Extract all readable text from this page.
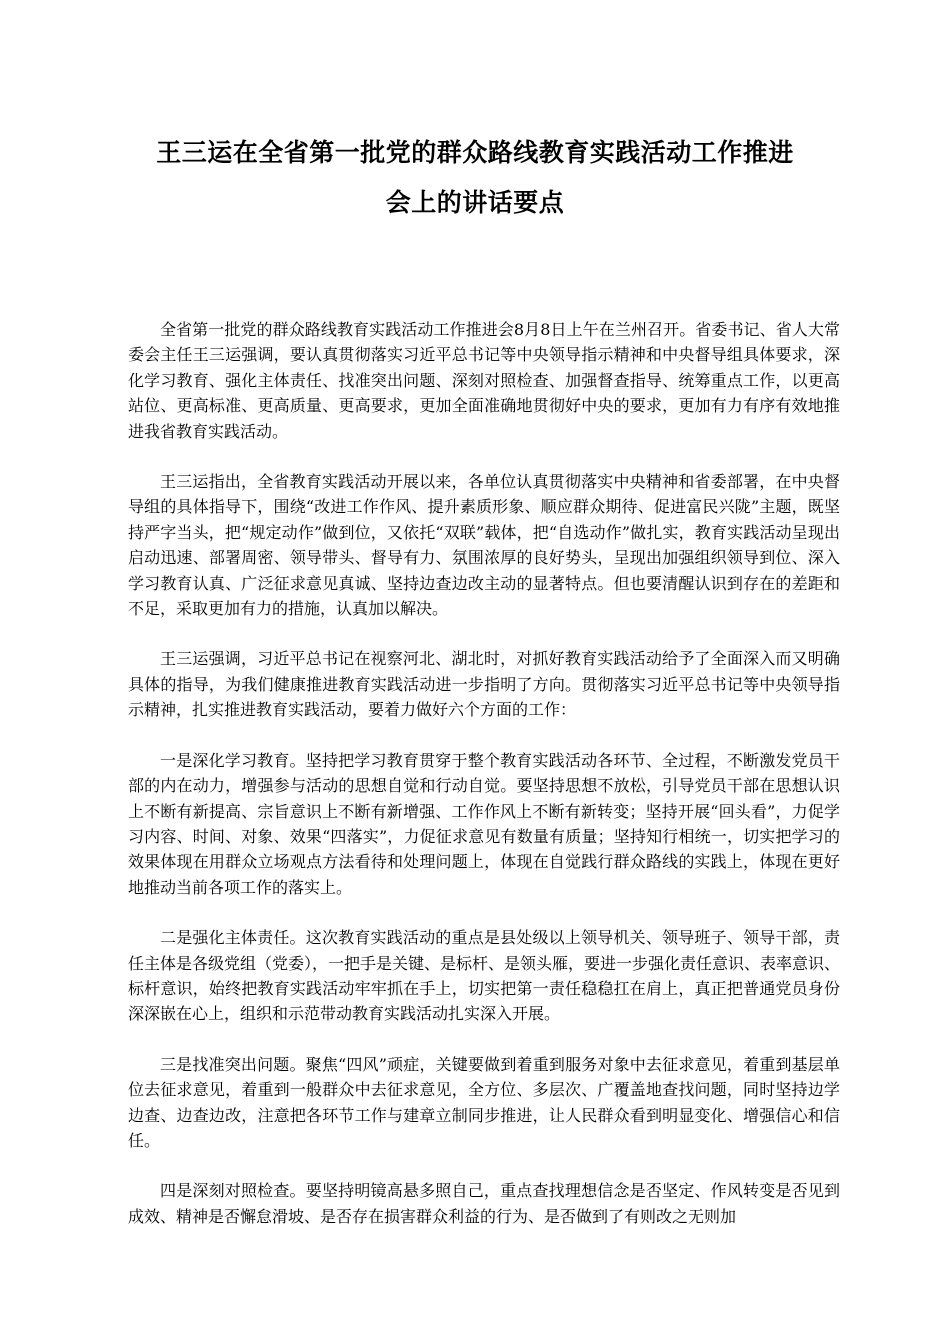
王三运在全省第一批党的群众路线教育实践活动工作推进
会上的讲话要点

全省第一批党的群众路线教育实践活动工作推进会8月8日上午在兰州召开。省委书记、省人大常委会主任王三运强调，要认真贯彻落实习近平总书记等中央领导指示精神和中央督导组具体要求，深化学习教育、强化主体责任、找准突出问题、深刻对照检查、加强督查指导、统筹重点工作，以更高站位、更高标准、更高质量、更高要求，更加全面准确地贯彻好中央的要求，更加有力有序有效地推进我省教育实践活动。

王三运指出，全省教育实践活动开展以来，各单位认真贯彻落实中央精神和省委部署，在中央督导组的具体指导下，围绕“改进工作作风、提升素质形象、顺应群众期待、促进富民兴陇”主题，既坚持严字当头，把“规定动作”做到位，又依托“双联”载体，把“自选动作”做扎实，教育实践活动呈现出启动迅速、部署周密、领导带头、督导有力、氛围浓厚的良好势头，呈现出加强组织领导到位、深入学习教育认真、广泛征求意见真诚、坚持边查边改主动的显著特点。但也要清醒认识到存在的差距和不足，采取更加有力的措施，认真加以解决。

王三运强调，习近平总书记在视察河北、湖北时，对抓好教育实践活动给予了全面深入而又明确具体的指导，为我们健康推进教育实践活动进一步指明了方向。贯彻落实习近平总书记等中央领导指示精神，扎实推进教育实践活动，要着力做好六个方面的工作：

一是深化学习教育。坚持把学习教育贯穿于整个教育实践活动各环节、全过程，不断激发党员干部的内在动力，增强参与活动的思想自觉和行动自觉。要坚持思想不放松，引导党员干部在思想认识上不断有新提高、宗旨意识上不断有新增强、工作作风上不断有新转变；坚持开展“回头看”，力促学习内容、时间、对象、效果“四落实”，力促征求意见有数量有质量；坚持知行相统一，切实把学习的效果体现在用群众立场观点方法看待和处理问题上，体现在自觉践行群众路线的实践上，体现在更好地推动当前各项工作的落实上。

二是强化主体责任。这次教育实践活动的重点是县处级以上领导机关、领导班子、领导干部，责任主体是各级党组（党委），一把手是关键、是标杆、是领头雁，要进一步强化责任意识、表率意识、标杆意识，始终把教育实践活动牢牢抓在手上，切实把第一责任稳稳扛在肩上，真正把普通党员身份深深嵌在心上，组织和示范带动教育实践活动扎实深入开展。

三是找准突出问题。聚焦“四风”顽症，关键要做到着重到服务对象中去征求意见，着重到基层单位去征求意见，着重到一般群众中去征求意见，全方位、多层次、广覆盖地查找问题，同时坚持边学边查、边查边改，注意把各环节工作与建章立制同步推进，让人民群众看到明显变化、增强信心和信任。

四是深刻对照检查。要坚持明镜高悬多照自己，重点查找理想信念是否坚定、作风转变是否见到成效、精神是否懈怠滑坡、是否存在损害群众利益的行为、是否做到了有则改之无则加
